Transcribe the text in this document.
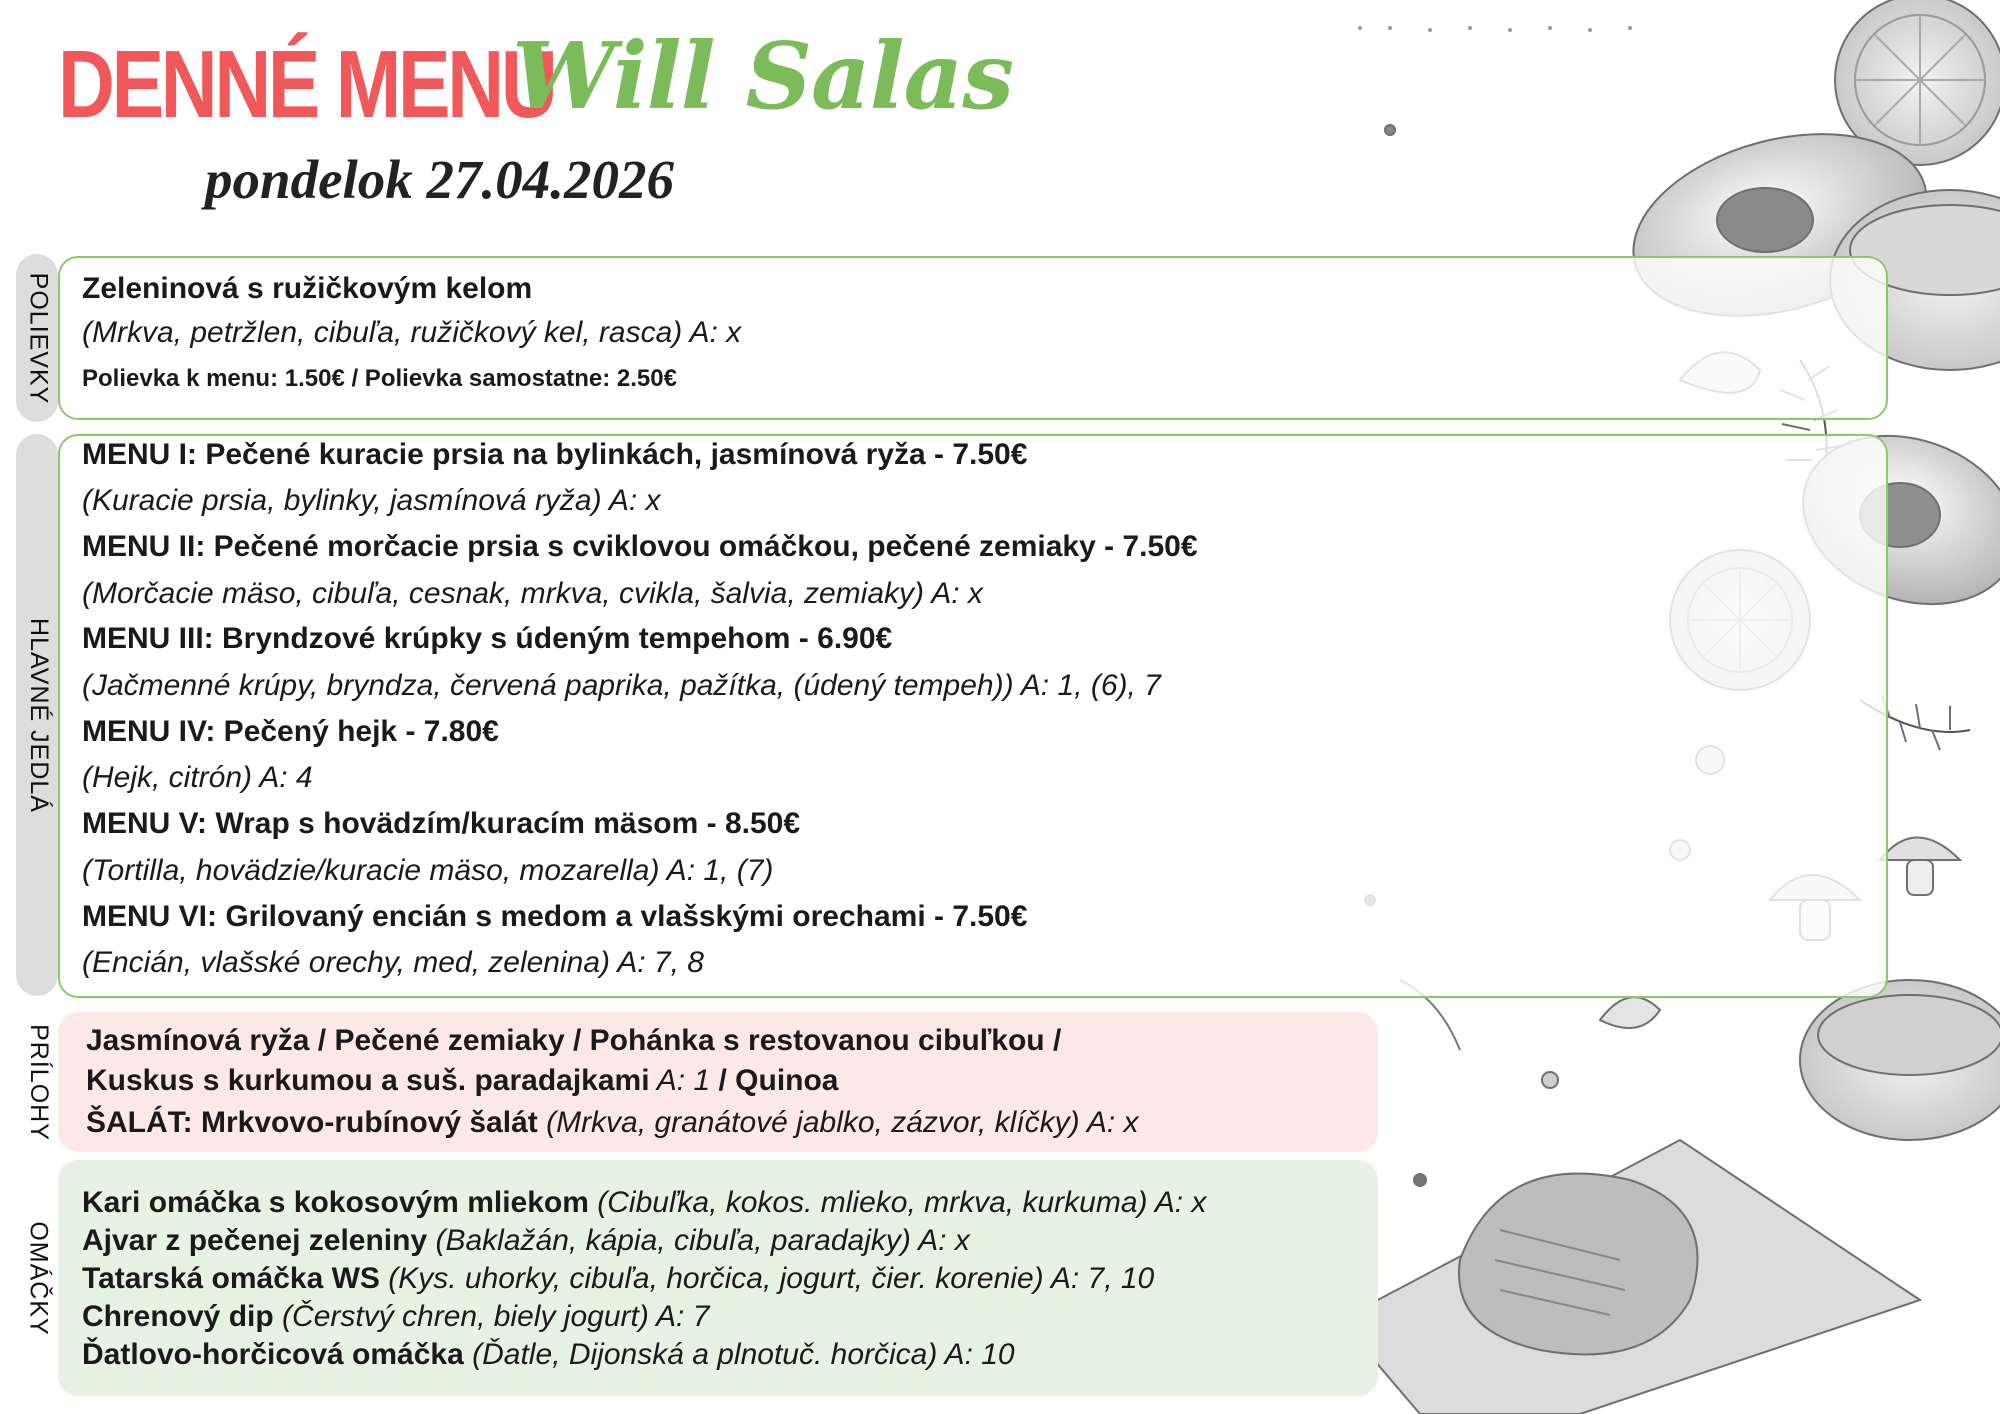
DENNÉ MENU
Will Salas
pondelok 27.04.2026
POLIEVKY Zeleninová s ružičkovým kelom
(Mrkva, petržlen, cibuľa, ružičkový kel, rasca) A: x
Polievka k menu: 1.50€ / Polievka samostatne: 2.50€
HLAVNÉ JEDLÁ
MENU I: Pečené kuracie prsia na bylinkách, jasmínová ryža - 7.50€
(Kuracie prsia, bylinky, jasmínová ryža) A: x
MENU II: Pečené morčacie prsia s cviklovou omáčkou, pečené zemiaky - 7.50€
(Morčacie mäso, cibuľa, cesnak, mrkva, cvikla, šalvia, zemiaky) A: x
MENU III: Bryndzové krúpky s údeným tempehom - 6.90€
(Jačmenné krúpy, bryndza, červená paprika, pažítka, (údený tempeh)) A: 1, (6), 7
MENU IV: Pečený hejk - 7.80€
(Hejk, citrón) A: 4
MENU V: Wrap s hovädzím/kuracím mäsom - 8.50€
(Tortilla, hovädzie/kuracie mäso, mozarella) A: 1, (7)
MENU VI: Grilovaný encián s medom a vlašskými orechami - 7.50€
(Encián, vlašské orechy, med, zelenina) A: 7, 8
PRÍLOHY Jasmínová ryža / Pečené zemiaky / Pohánka s restovanou cibuľkou /
Kuskus s kurkumou a suš. paradajkami A: 1 / Quinoa
ŠALÁT: Mrkvovo-rubínový šalát (Mrkva, granátové jablko, zázvor, klíčky) A: x
OMÁČKY
Kari omáčka s kokosovým mliekom (Cibuľka, kokos. mlieko, mrkva, kurkuma) A: x
Ajvar z pečenej zeleniny (Baklažán, kápia, cibuľa, paradajky) A: x
Tatarská omáčka WS (Kys. uhorky, cibuľa, horčica, jogurt, čier. korenie) A: 7, 10
Chrenový dip (Čerstvý chren, biely jogurt) A: 7
Ďatlovo-horčicová omáčka (Ďatle, Dijonská a plnotuč. horčica) A: 10
